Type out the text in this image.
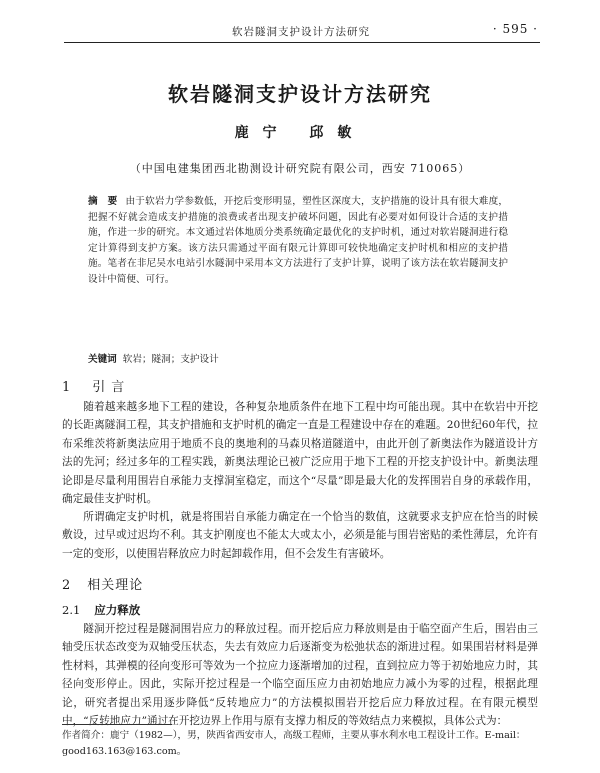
软岩隧洞支护设计方法研究	· 595 ·
软岩隧洞支护设计方法研究
鹿宁 邱敏
（中国电建集团西北勘测设计研究院有限公司，西安 710065）
摘　要 由于软岩力学参数低，开挖后变形明显，塑性区深度大，支护措施的设计具有很大难度，把握不好就会造成支护措施的浪费或者出现支护破坏问题，因此有必要对如何设计合适的支护措施，作进一步的研究。本文通过岩体地质分类系统确定最优化的支护时机，通过对软岩隧洞进行稳定计算得到支护方案。该方法只需通过平面有限元计算即可较快地确定支护时机和相应的支护措施。笔者在非尼吴水电站引水隧洞中采用本文方法进行了支护计算，说明了该方法在软岩隧洞支护设计中简便、可行。
关键词 软岩；隧洞；支护设计
1 引言
随着越来越多地下工程的建设，各种复杂地质条件在地下工程中均可能出现。其中在软岩中开挖的长距离隧洞工程，其支护措施和支护时机的确定一直是工程建设中存在的难题。20世纪60年代，拉布采维茨将新奥法应用于地质不良的奥地利的马森贝格道隧道中，由此开创了新奥法作为隧道设计方法的先河；经过多年的工程实践，新奥法理论已被广泛应用于地下工程的开挖支护设计中。新奥法理论即是尽量利用围岩自承能力支撑洞室稳定，而这个“尽量”即是最大化的发挥围岩自身的承载作用，确定最佳支护时机。
所谓确定支护时机，就是将围岩自承能力确定在一个恰当的数值，这就要求支护应在恰当的时候敷设，过早或过迟均不利。其支护刚度也不能太大或太小，必须是能与围岩密贴的柔性薄层，允许有一定的变形，以使围岩释放应力时起卸载作用，但不会发生有害破坏。
2 相关理论
2.1 应力释放
隧洞开挖过程是隧洞围岩应力的释放过程。而开挖后应力释放则是由于临空面产生后，围岩由三轴受压状态改变为双轴受压状态，失去有效应力后逐渐变为松弛状态的渐进过程。如果围岩材料是弹性材料，其弹模的径向变形可等效为一个拉应力逐渐增加的过程，直到拉应力等于初始地应力时，其径向变形停止。因此，实际开挖过程是一个临空面压应力由初始地应力减小为零的过程，根据此理论，研究者提出采用逐步降低“反转地应力”的方法模拟围岩开挖后应力释放过程。在有限元模型中，“反转地应力”通过在开挖边界上作用与原有支撑力相反的等效结点力来模拟，具体公式为：
作者简介：鹿宁（1982—），男，陕西省西安市人，高级工程师，主要从事水利水电工程设计工作。E-mail：good163.163@163.com。
